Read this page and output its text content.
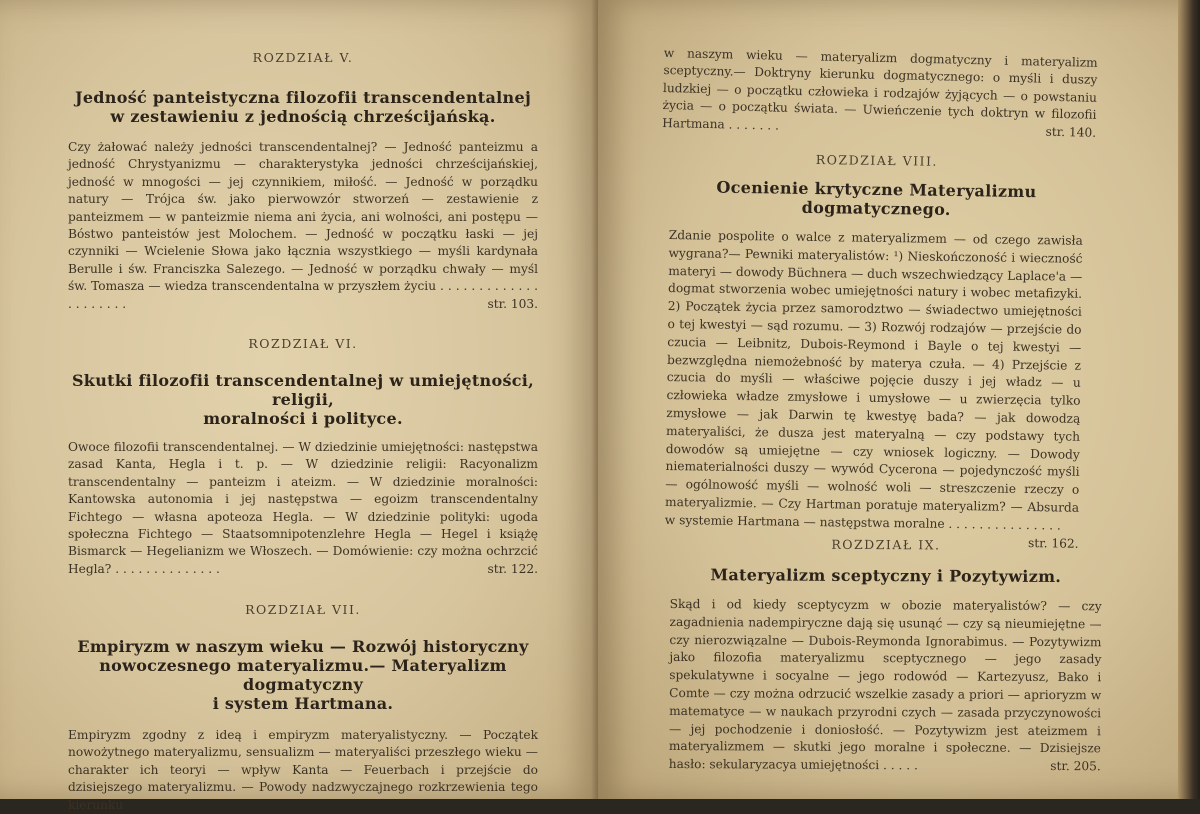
ROZDZIAŁ V.

Jedność panteistyczna filozofii transcendentalnej

w zestawieniu z jednością chrześcijańską.

Czy żałować należy jedności transcendentalnej? — Jedność panteizmu a jedność Chrystyanizmu — charakterystyka jedności chrześcijańskiej, jedność w mnogości — jej czynnikiem, miłość. — Jedność w porządku natury — Trójca św. jako pierwowzór stworzeń — zestawienie z panteizmem — w panteizmie niema ani życia, ani wolności, ani postępu — Bóstwo panteistów jest Molochem. — Jedność w początku łaski — jej czynniki — Wcielenie Słowa jako łącznia wszystkiego — myśli kardynała Berulle i św. Franciszka Salezego. — Jedność w porządku chwały — myśl św. Tomasza — wiedza transcendentalna w przyszłem życiu . . . . . . . . . . . . . . . . . . . . .	str. 103.

ROZDZIAŁ VI.

Skutki filozofii transcendentalnej w umiejętności, religii,

moralności i polityce.

Owoce filozofii transcendentalnej. — W dziedzinie umiejętności: następstwa zasad Kanta, Hegla i t. p. — W dziedzinie religii: Racyonalizm transcendentalny — panteizm i ateizm. — W dziedzinie moralności: Kantowska autonomia i jej następstwa — egoizm transcendentalny Fichtego — własna apoteoza Hegla. — W dziedzinie polityki: ugoda społeczna Fichtego — Staatsomnipotenzlehre Hegla — Hegel i książę Bismarck — Hegelianizm we Włoszech. — Domówienie: czy można ochrzcić Hegla? . . . . . . . . . . . . . .	str. 122.

ROZDZIAŁ VII.

Empiryzm w naszym wieku — Rozwój historyczny

nowoczesnego materyalizmu.— Materyalizm dogmatyczny

i system Hartmana.

Empiryzm zgodny z ideą i empiryzm materyalistyczny. — Początek nowożytnego materyalizmu, sensualizm — materyaliści przeszłego wieku — charakter ich teoryi — wpływ Kanta — Feuerbach i przejście do dzisiejszego materyalizmu. — Powody nadzwyczajnego rozkrzewienia tego kierunku

w naszym wieku — materyalizm dogmatyczny i materyalizm sceptyczny.— Doktryny kierunku dogmatycznego: o myśli i duszy ludzkiej — o początku człowieka i rodzajów żyjących — o powstaniu życia — o początku świata. — Uwieńczenie tych doktryn w filozofii Hartmana . . . . . . .	str. 140.

ROZDZIAŁ VIII.

Ocenienie krytyczne Materyalizmu dogmatycznego.

Zdanie pospolite o walce z materyalizmem — od czego zawisła wygrana?— Pewniki materyalistów: ¹) Nieskończoność i wieczność materyi — dowody Büchnera — duch wszechwiedzący Laplace'a — dogmat stworzenia wobec umiejętności natury i wobec metafizyki. 2) Początek życia przez samorodztwo — świadectwo umiejętności o tej kwestyi — sąd rozumu. — 3) Rozwój rodzajów — przejście do czucia — Leibnitz, Dubois-Reymond i Bayle o tej kwestyi — bezwzględna niemożebność by materya czuła. — 4) Przejście z czucia do myśli — właściwe pojęcie duszy i jej władz — u człowieka władze zmysłowe i umysłowe — u zwierzęcia tylko zmysłowe — jak Darwin tę kwestyę bada? — jak dowodzą materyaliści, że dusza jest materyalną — czy podstawy tych dowodów są umiejętne — czy wniosek logiczny. — Dowody niematerialności duszy — wywód Cycerona — pojedynczość myśli — ogólnowość myśli — wolność woli — streszczenie rzeczy o materyalizmie. — Czy Hartman poratuje materyalizm? — Absurda w systemie Hartmana — następstwa moralne . . . . . . . . . . . . . . .
str. 162.

ROZDZIAŁ IX.

Materyalizm sceptyczny i Pozytywizm.

Skąd i od kiedy sceptycyzm w obozie materyalistów? — czy zagadnienia nadempiryczne dają się usunąć — czy są nieumiejętne — czy nierozwiązalne — Dubois-Reymonda Ignorabimus. — Pozytywizm jako filozofia materyalizmu sceptycznego — jego zasady spekulatywne i socyalne — jego rodowód — Kartezyusz, Bako i Comte — czy można odrzucić wszelkie zasady a priori — aprioryzm w matematyce — w naukach przyrodni czych — zasada przyczynowości — jej pochodzenie i doniosłość. — Pozytywizm jest ateizmem i materyalizmem — skutki jego moralne i społeczne. — Dzisiejsze hasło: sekularyzacya umiejętności . . . . .	str. 205.
